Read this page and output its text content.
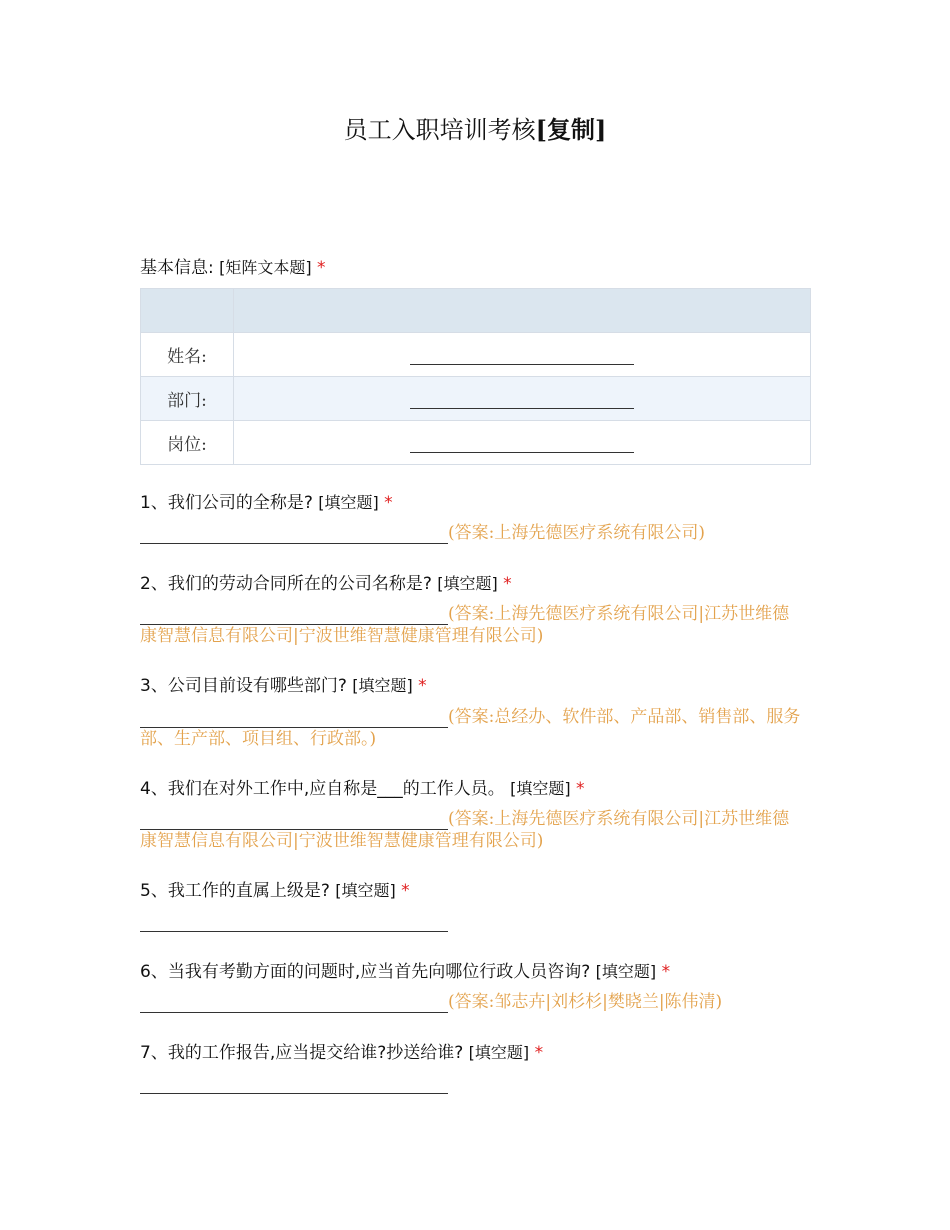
员工入职培训考核[复制]
基本信息: [矩阵文本题] *

姓名:	
部门:	
岗位:	
1、我们公司的全称是? [填空题] *
(答案:上海先德医疗系统有限公司)
2、我们的劳动合同所在的公司名称是? [填空题] *
(答案:上海先德医疗系统有限公司|江苏世维德康智慧信息有限公司|宁波世维智慧健康管理有限公司)
3、公司目前设有哪些部门? [填空题] *
(答案:总经办、软件部、产品部、销售部、服务部、生产部、项目组、行政部。)
4、我们在对外工作中,应自称是___的工作人员。 [填空题] *
(答案:上海先德医疗系统有限公司|江苏世维德康智慧信息有限公司|宁波世维智慧健康管理有限公司)
5、我工作的直属上级是? [填空题] *
6、当我有考勤方面的问题时,应当首先向哪位行政人员咨询? [填空题] *
(答案:邹志卉|刘杉杉|樊晓兰|陈伟清)
7、我的工作报告,应当提交给谁?抄送给谁? [填空题] *
